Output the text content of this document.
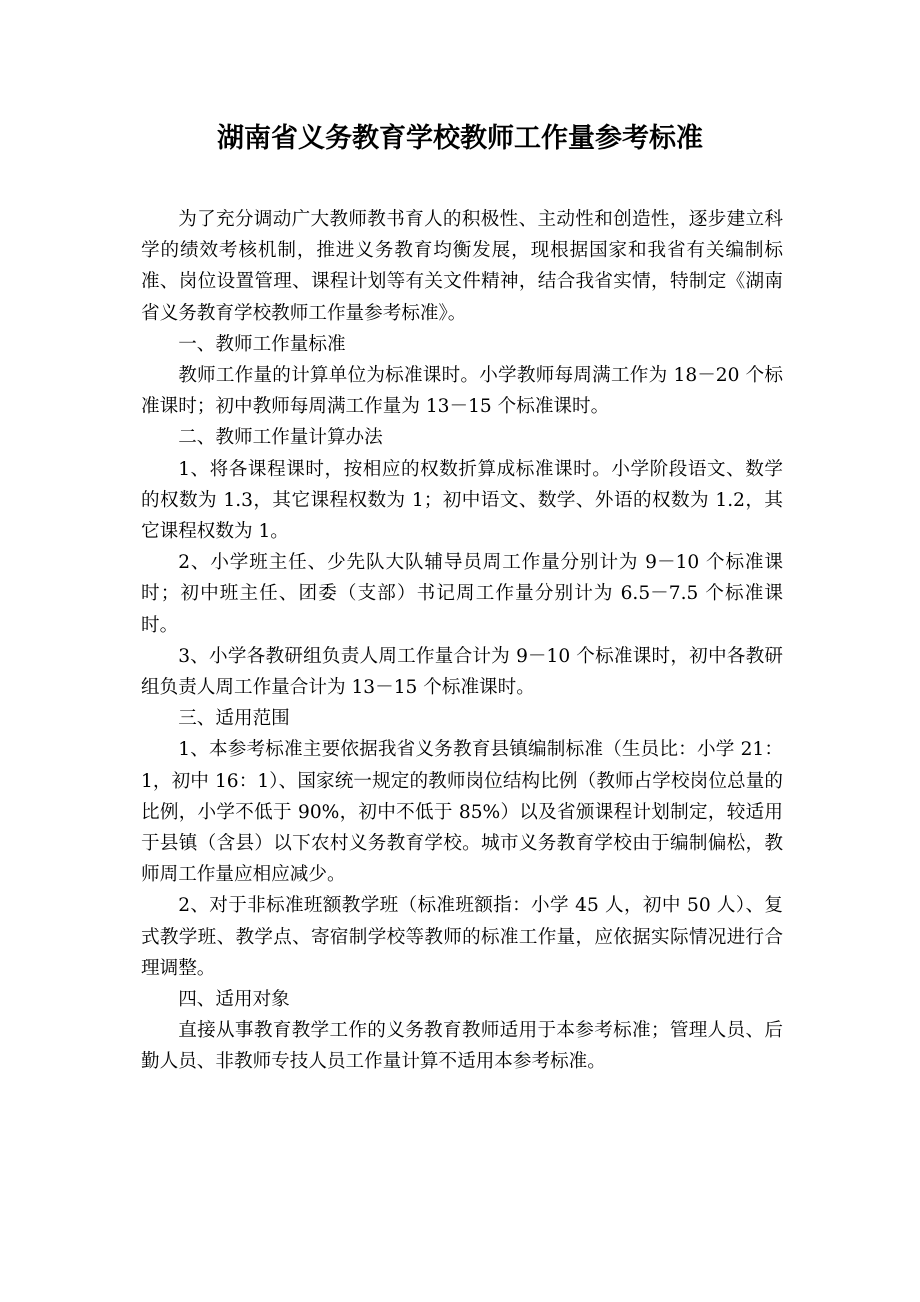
湖南省义务教育学校教师工作量参考标准

为了充分调动广大教师教书育人的积极性、主动性和创造性，逐步建立科学的绩效考核机制，推进义务教育均衡发展，现根据国家和我省有关编制标准、岗位设置管理、课程计划等有关文件精神，结合我省实情，特制定《湖南省义务教育学校教师工作量参考标准》。

一、教师工作量标准

教师工作量的计算单位为标准课时。小学教师每周满工作为 18－20 个标准课时；初中教师每周满工作量为 13－15 个标准课时。

二、教师工作量计算办法

1、将各课程课时，按相应的权数折算成标准课时。小学阶段语文、数学的权数为 1.3，其它课程权数为 1；初中语文、数学、外语的权数为 1.2，其它课程权数为 1。

2、小学班主任、少先队大队辅导员周工作量分别计为 9－10 个标准课时；初中班主任、团委（支部）书记周工作量分别计为 6.5－7.5 个标准课时。

3、小学各教研组负责人周工作量合计为 9－10 个标准课时，初中各教研组负责人周工作量合计为 13－15 个标准课时。

三、适用范围

1、本参考标准主要依据我省义务教育县镇编制标准（生员比：小学 21：1，初中 16：1）、国家统一规定的教师岗位结构比例（教师占学校岗位总量的比例，小学不低于 90%，初中不低于 85%）以及省颁课程计划制定，较适用于县镇（含县）以下农村义务教育学校。城市义务教育学校由于编制偏松，教师周工作量应相应减少。

2、对于非标准班额教学班（标准班额指：小学 45 人，初中 50 人）、复式教学班、教学点、寄宿制学校等教师的标准工作量，应依据实际情况进行合理调整。

四、适用对象

直接从事教育教学工作的义务教育教师适用于本参考标准；管理人员、后勤人员、非教师专技人员工作量计算不适用本参考标准。
